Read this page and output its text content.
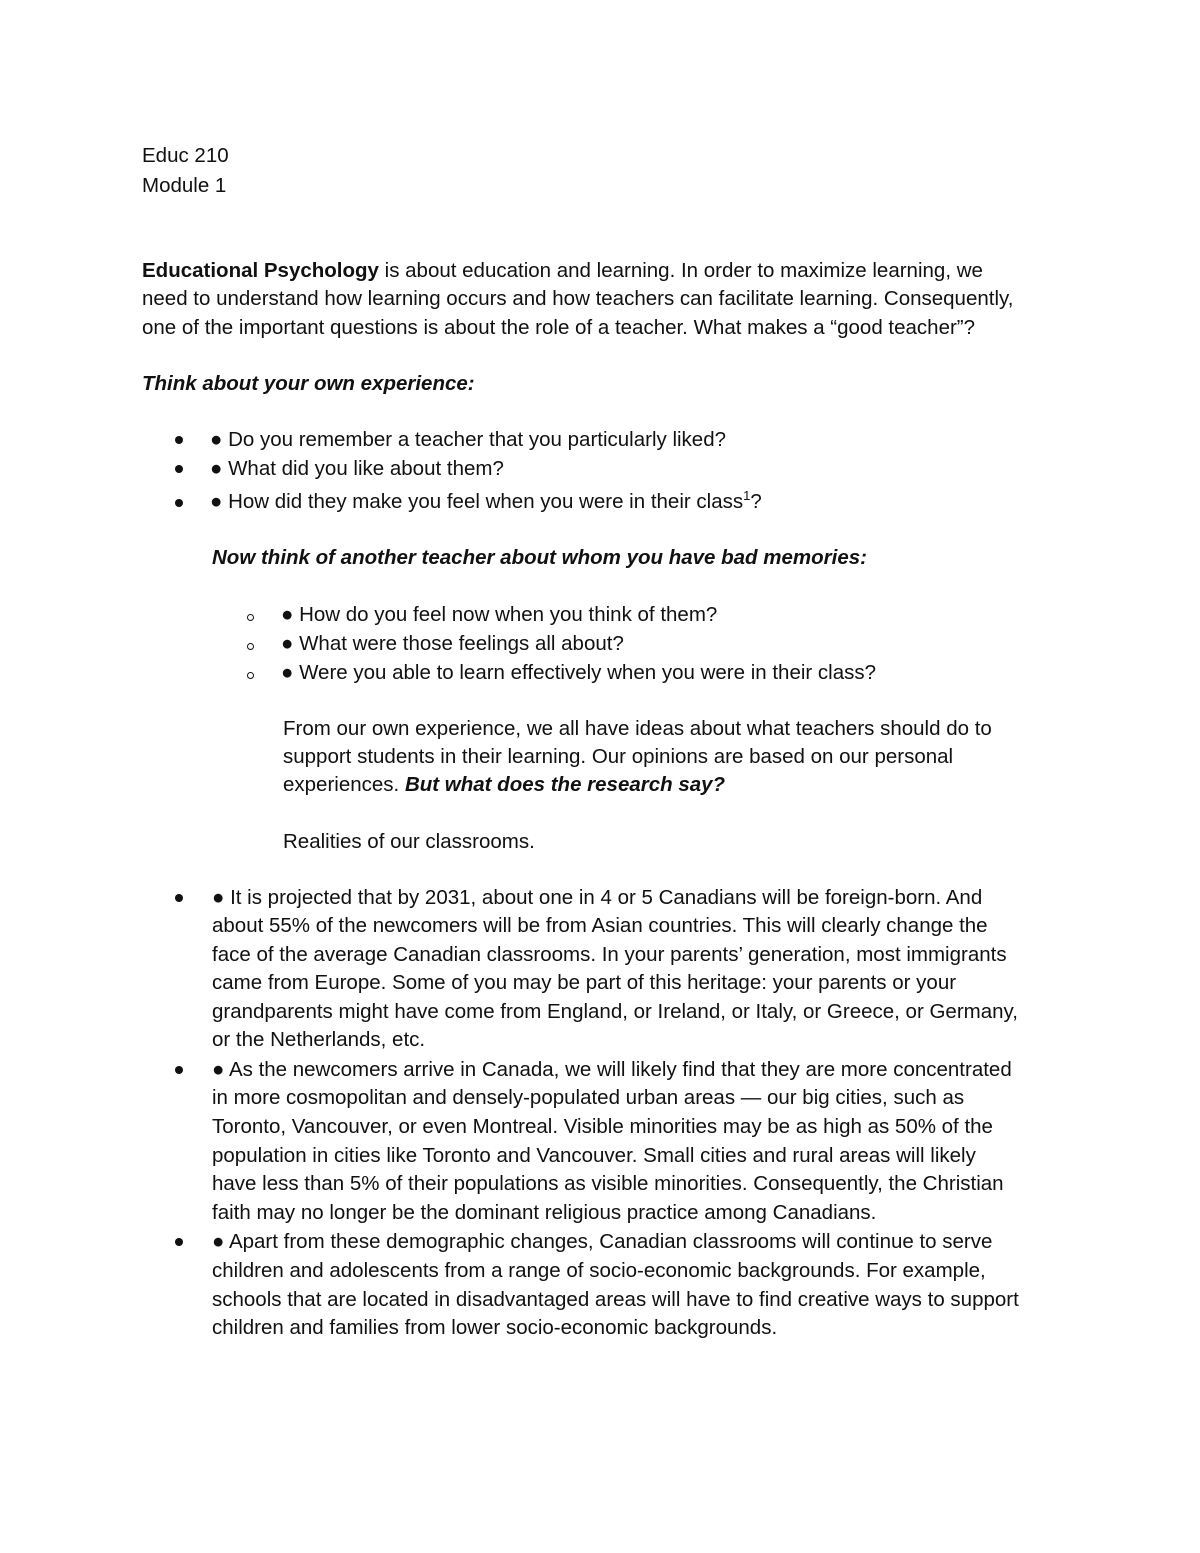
Educ 210
Module 1
Educational Psychology is about education and learning. In order to maximize learning, we
need to understand how learning occurs and how teachers can facilitate learning. Consequently,
one of the important questions is about the role of a teacher. What makes a “good teacher”?
Think about your own experience:
● Do you remember a teacher that you particularly liked?
● What did you like about them?
● How did they make you feel when you were in their class$^1$?
Now think of another teacher about whom you have bad memories:
● How do you feel now when you think of them?
● What were those feelings all about?
● Were you able to learn effectively when you were in their class?
From our own experience, we all have ideas about what teachers should do to
support students in their learning. Our opinions are based on our personal
experiences. But what does the research say?
Realities of our classrooms.
● It is projected that by 2031, about one in 4 or 5 Canadians will be foreign-born. And
about 55% of the newcomers will be from Asian countries. This will clearly change the
face of the average Canadian classrooms. In your parents’ generation, most immigrants
came from Europe. Some of you may be part of this heritage: your parents or your
grandparents might have come from England, or Ireland, or Italy, or Greece, or Germany,
or the Netherlands, etc.
● As the newcomers arrive in Canada, we will likely find that they are more concentrated
in more cosmopolitan and densely-populated urban areas — our big cities, such as
Toronto, Vancouver, or even Montreal. Visible minorities may be as high as 50% of the
population in cities like Toronto and Vancouver. Small cities and rural areas will likely
have less than 5% of their populations as visible minorities. Consequently, the Christian
faith may no longer be the dominant religious practice among Canadians.
● Apart from these demographic changes, Canadian classrooms will continue to serve
children and adolescents from a range of socio-economic backgrounds. For example,
schools that are located in disadvantaged areas will have to find creative ways to support
children and families from lower socio-economic backgrounds.
